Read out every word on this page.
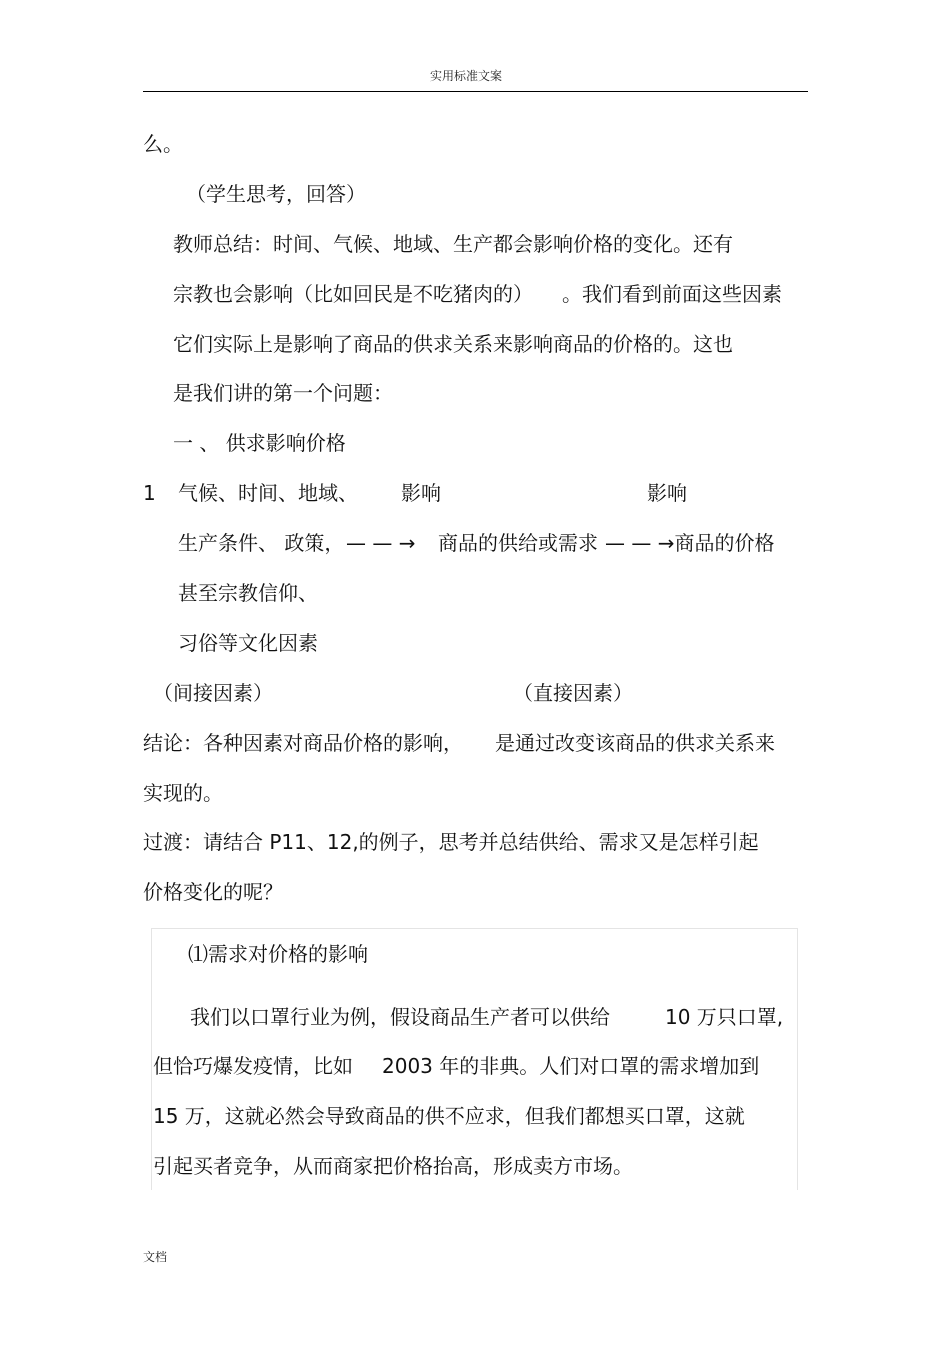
实用标准文案
么。
（学生思考，回答）
教师总结：时间、气候、地域、生产都会影响价格的变化。还有
宗教也会影响（比如回民是不吃猪肉的） 。我们看到前面这些因素
它们实际上是影响了商品的供求关系来影响商品的价格的。这也
是我们讲的第一个问题：
一 、 供求影响价格
1 气候、时间、地域、 影响	影响
生产条件、 政策， — — → 商品的供给或需求 — — →商品的价格
甚至宗教信仰、
习俗等文化因素
（间接因素）	（直接因素）
结论：各种因素对商品价格的影响， 是通过改变该商品的供求关系来
实现的。
过渡：请结合 P11、12,的例子，思考并总结供给、需求又是怎样引起
价格变化的呢？
⑴需求对价格的影响
我们以口罩行业为例，假设商品生产者可以供给	10 万只口罩,
但恰巧爆发疫情，比如 2003 年的非典。人们对口罩的需求增加到
15 万，这就必然会导致商品的供不应求，但我们都想买口罩，这就
引起买者竞争，从而商家把价格抬高，形成卖方市场。
文档
